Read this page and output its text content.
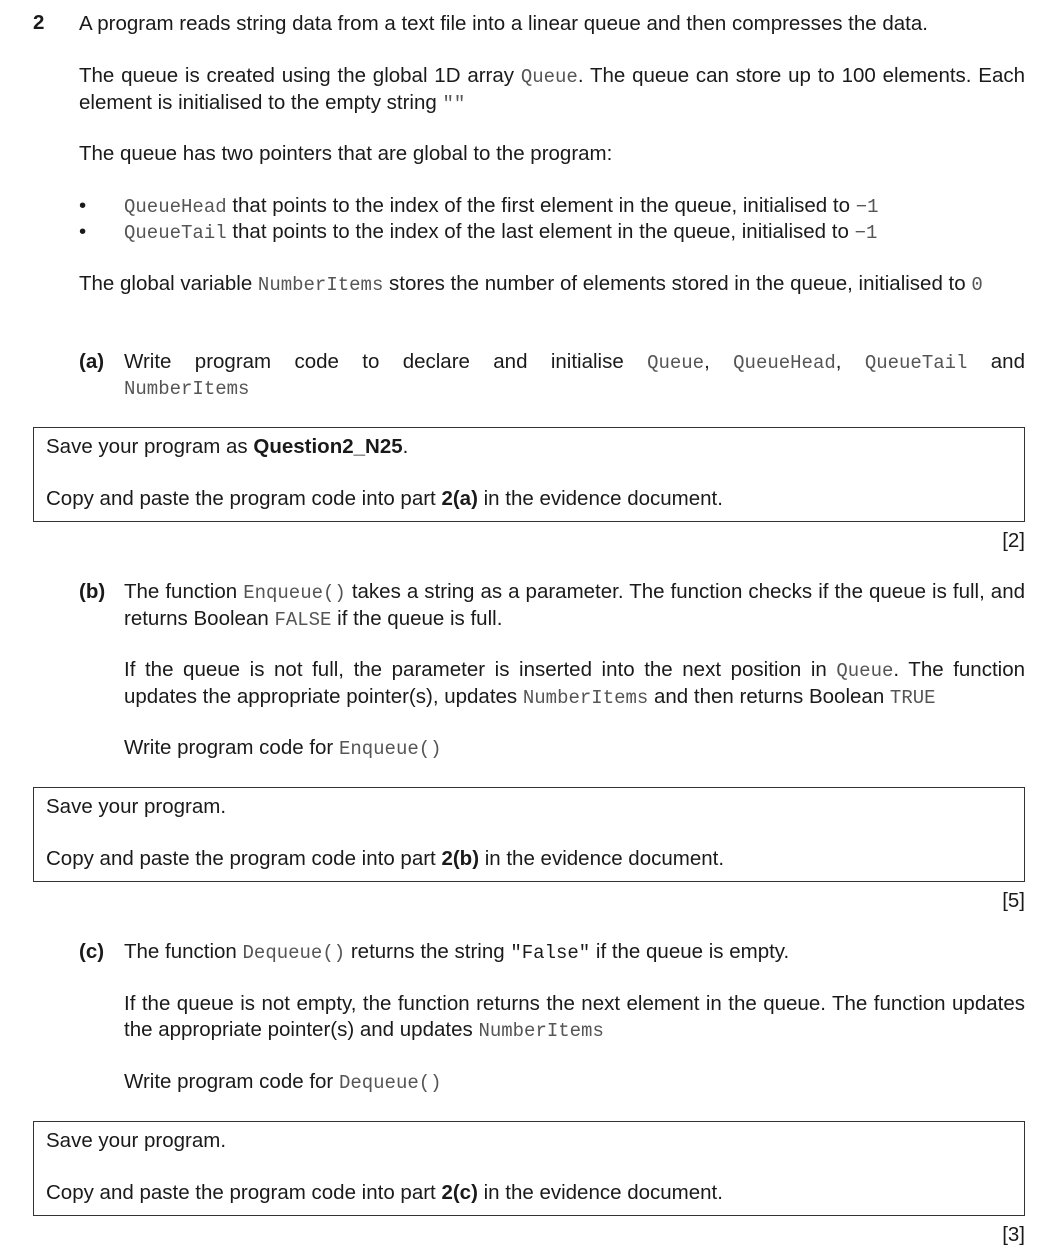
2 A program reads string data from a text file into a linear queue and then compresses the data.
The queue is created using the global 1D array Queue. The queue can store up to 100 elements. Each element is initialised to the empty string ""
The queue has two pointers that are global to the program:
• QueueHead that points to the index of the first element in the queue, initialised to −1
• QueueTail that points to the index of the last element in the queue, initialised to −1
The global variable NumberItems stores the number of elements stored in the queue, initialised to 0
(a) Write program code to declare and initialise Queue, QueueHead, QueueTail and
NumberItems
Save your program as Question2_N25.
Copy and paste the program code into part 2(a) in the evidence document.
[2]
(b) The function Enqueue() takes a string as a parameter. The function checks if the queue is full, and returns Boolean FALSE if the queue is full.
If the queue is not full, the parameter is inserted into the next position in Queue. The function updates the appropriate pointer(s), updates NumberItems and then returns Boolean TRUE
Write program code for Enqueue()
Save your program.
Copy and paste the program code into part 2(b) in the evidence document.
[5]
(c) The function Dequeue() returns the string "False" if the queue is empty.
If the queue is not empty, the function returns the next element in the queue. The function updates the appropriate pointer(s) and updates NumberItems
Write program code for Dequeue()
Save your program.
Copy and paste the program code into part 2(c) in the evidence document.
[3]
